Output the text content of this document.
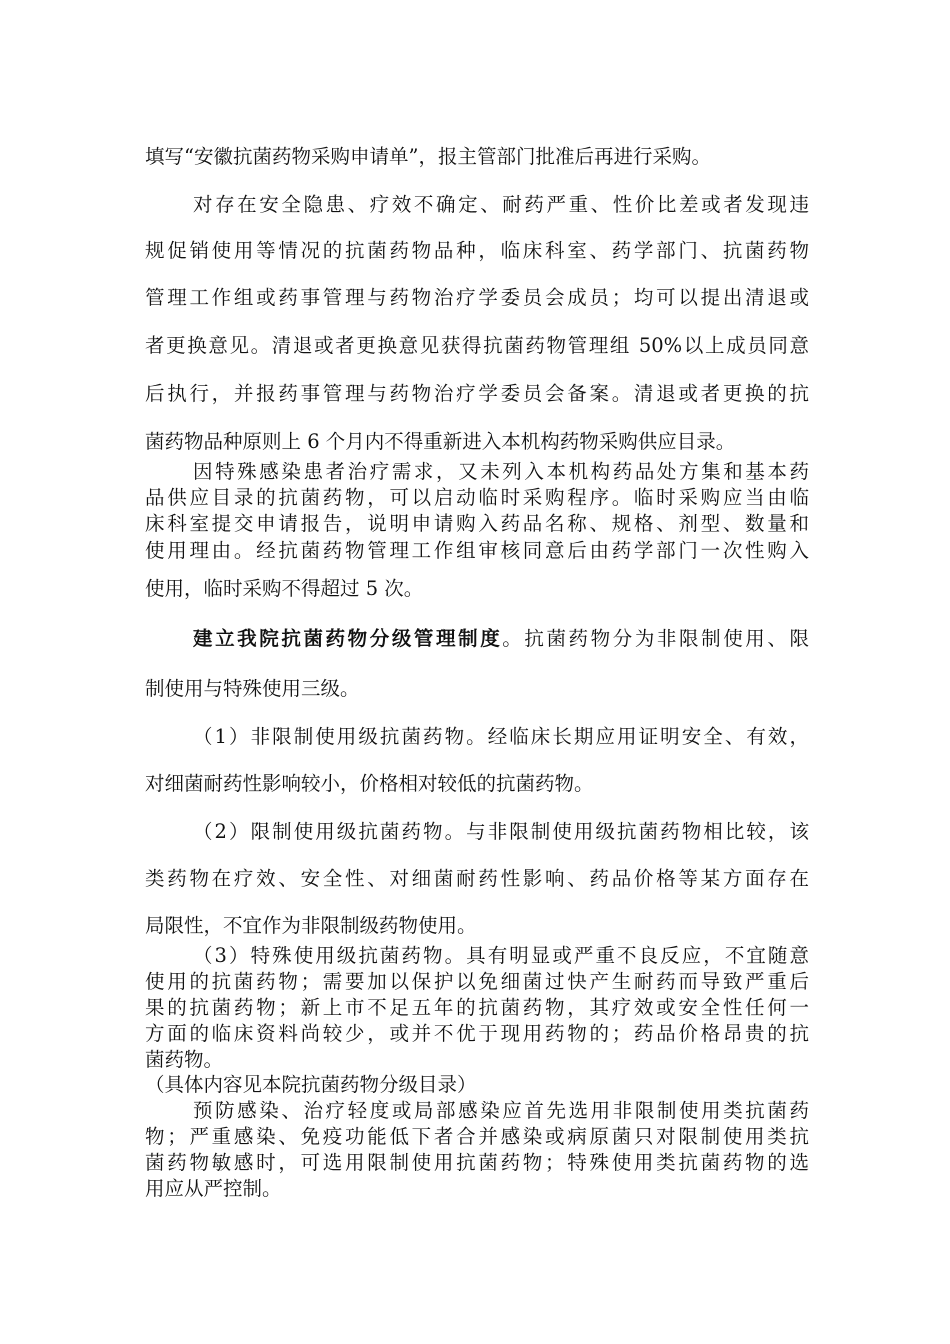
填写“安徽抗菌药物采购申请单”，报主管部门批准后再进行采购。
对存在安全隐患、疗效不确定、耐药严重、性价比差或者发现违
规促销使用等情况的抗菌药物品种，临床科室、药学部门、抗菌药物
管理工作组或药事管理与药物治疗学委员会成员；均可以提出清退或
者更换意见。清退或者更换意见获得抗菌药物管理组 50%以上成员同意
后执行，并报药事管理与药物治疗学委员会备案。清退或者更换的抗
菌药物品种原则上 6 个月内不得重新进入本机构药物采购供应目录。
因特殊感染患者治疗需求，又未列入本机构药品处方集和基本药
品供应目录的抗菌药物，可以启动临时采购程序。临时采购应当由临
床科室提交申请报告，说明申请购入药品名称、规格、剂型、数量和
使用理由。经抗菌药物管理工作组审核同意后由药学部门一次性购入
使用，临时采购不得超过 5 次。
建立我院抗菌药物分级管理制度。抗菌药物分为非限制使用、限
制使用与特殊使用三级。
（1）非限制使用级抗菌药物。经临床长期应用证明安全、有效，
对细菌耐药性影响较小，价格相对较低的抗菌药物。
（2）限制使用级抗菌药物。与非限制使用级抗菌药物相比较，该
类药物在疗效、安全性、对细菌耐药性影响、药品价格等某方面存在
局限性，不宜作为非限制级药物使用。
（3）特殊使用级抗菌药物。具有明显或严重不良反应，不宜随意
使用的抗菌药物；需要加以保护以免细菌过快产生耐药而导致严重后
果的抗菌药物；新上市不足五年的抗菌药物，其疗效或安全性任何一
方面的临床资料尚较少，或并不优于现用药物的；药品价格昂贵的抗
菌药物。
（具体内容见本院抗菌药物分级目录）
预防感染、治疗轻度或局部感染应首先选用非限制使用类抗菌药
物；严重感染、免疫功能低下者合并感染或病原菌只对限制使用类抗
菌药物敏感时，可选用限制使用抗菌药物；特殊使用类抗菌药物的选
用应从严控制。
